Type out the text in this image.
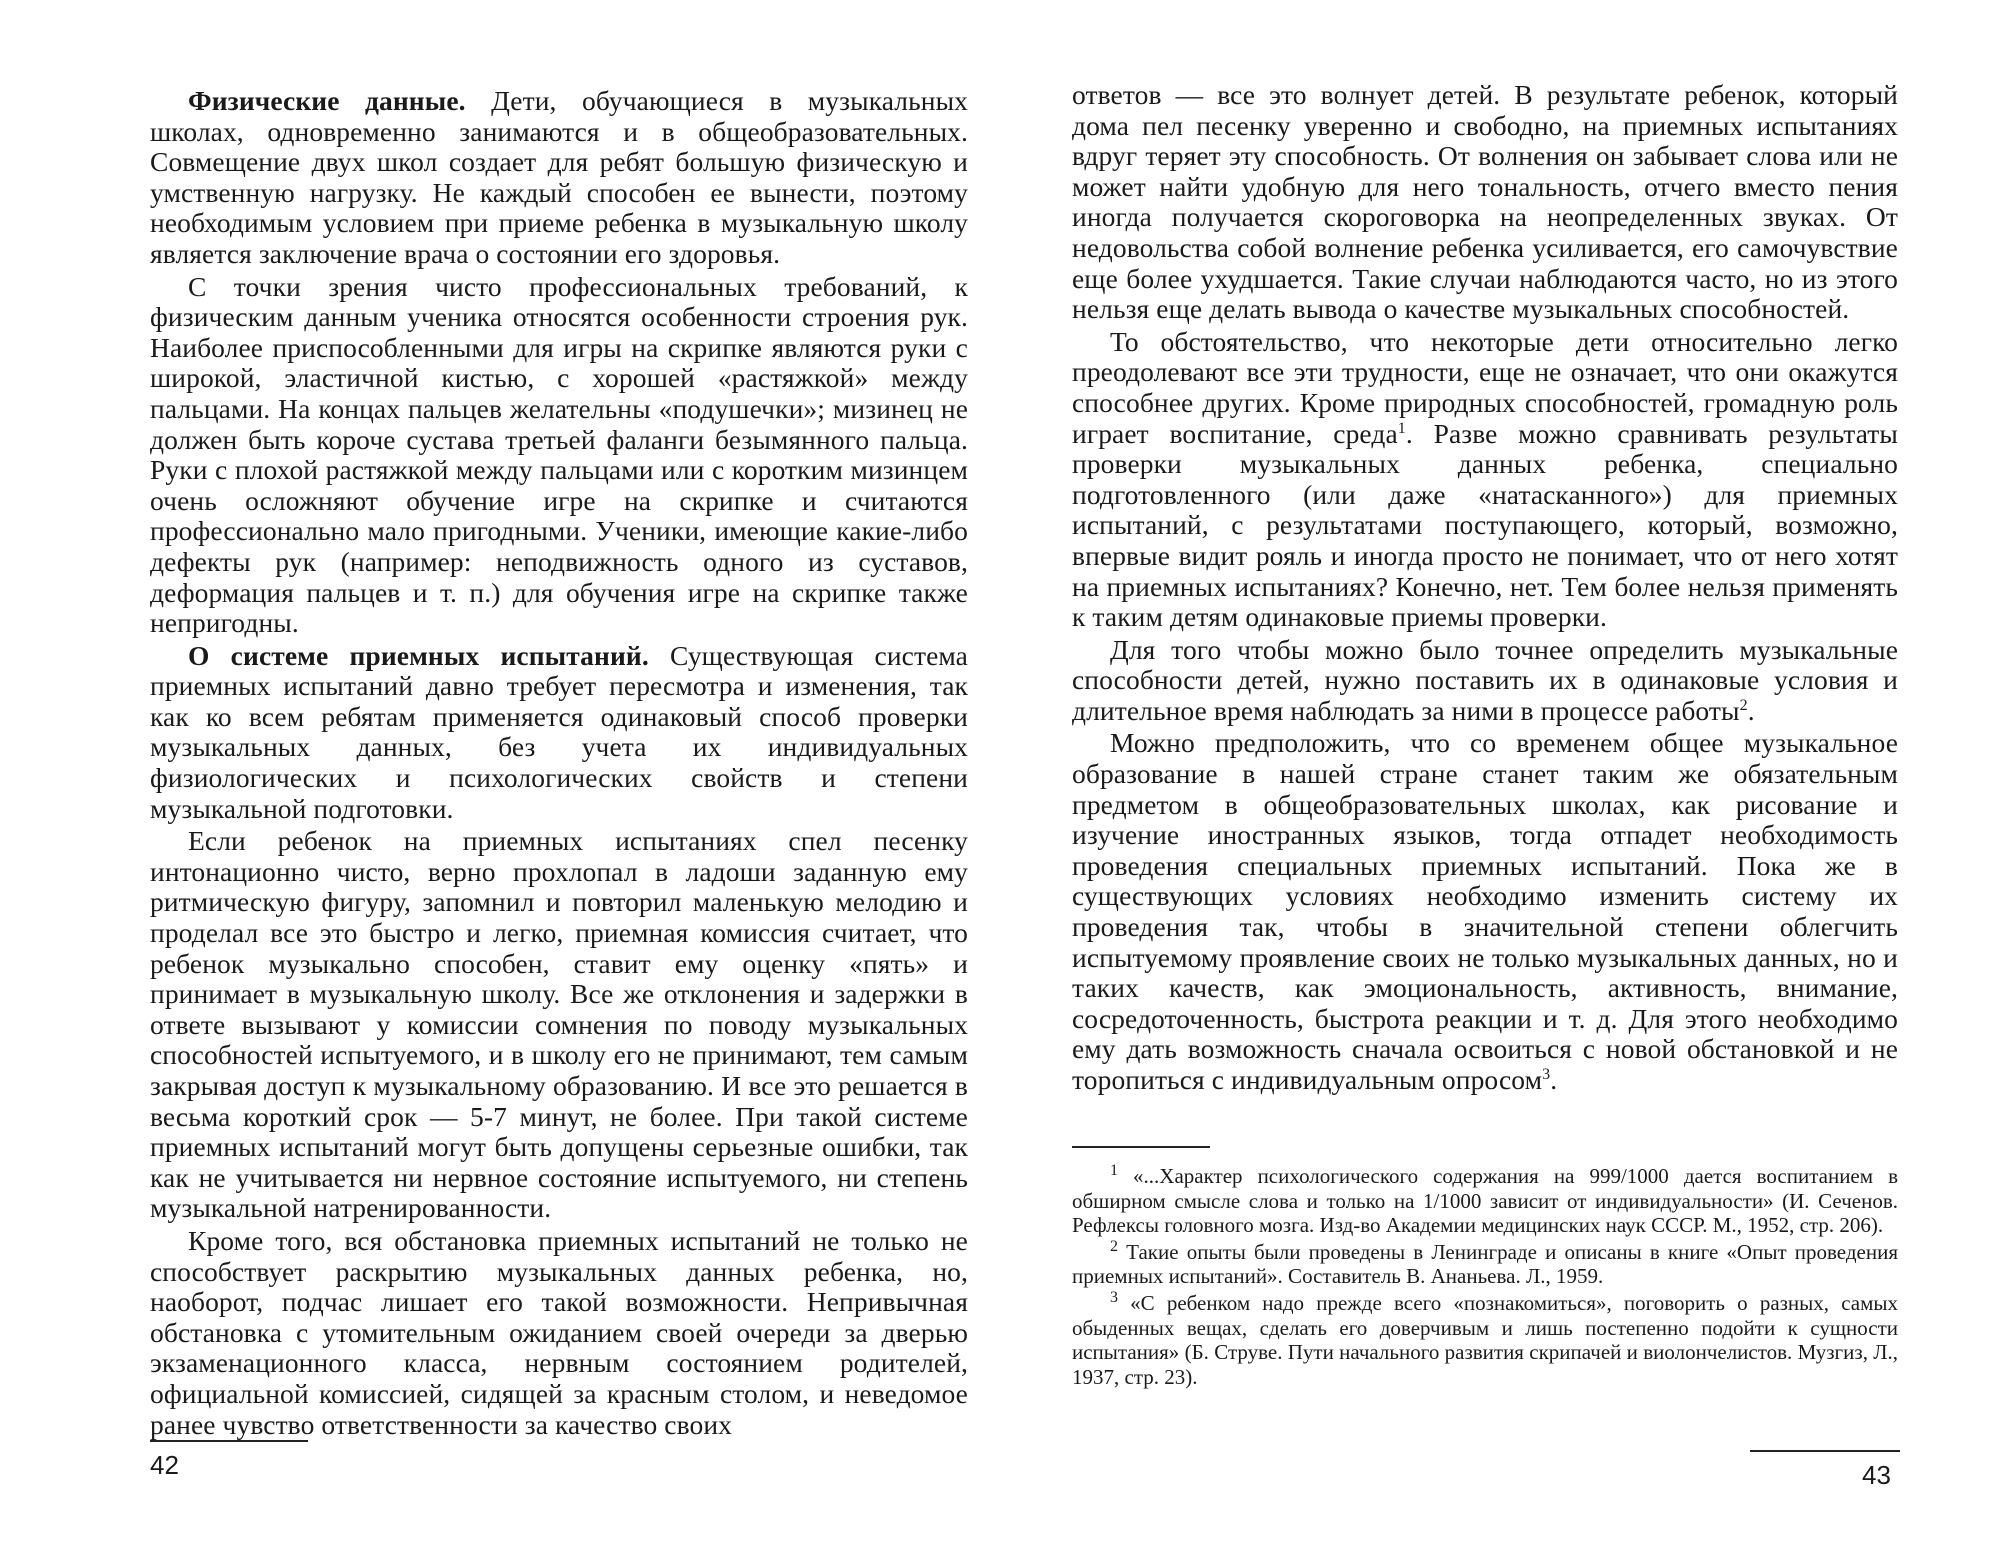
Физические данные. Дети, обучающиеся в музыкальных школах, одновременно занимаются и в общеобразовательных. Совмещение двух школ создает для ребят большую физическую и умственную нагрузку. Не каждый способен ее вынести, поэтому необходимым условием при приеме ребенка в музыкальную школу является заключение врача о состоянии его здоровья.

С точки зрения чисто профессиональных требований, к физическим данным ученика относятся особенности строения рук. Наиболее приспособленными для игры на скрипке являются руки с широкой, эластичной кистью, с хорошей «растяжкой» между пальцами. На концах пальцев желательны «подушечки»; мизинец не должен быть короче сустава третьей фаланги безымянного пальца. Руки с плохой растяжкой между пальцами или с коротким мизинцем очень осложняют обучение игре на скрипке и считаются профессионально мало пригодными. Ученики, имеющие какие-либо дефекты рук (например: неподвижность одного из суставов, деформация пальцев и т. п.) для обучения игре на скрипке также непригодны.

О системе приемных испытаний. Существующая система приемных испытаний давно требует пересмотра и изменения, так как ко всем ребятам применяется одинаковый способ проверки музыкальных данных, без учета их индивидуальных физиологических и психологических свойств и степени музыкальной подготовки.

Если ребенок на приемных испытаниях спел песенку интонационно чисто, верно прохлопал в ладоши заданную ему ритмическую фигуру, запомнил и повторил маленькую мелодию и проделал все это быстро и легко, приемная комиссия считает, что ребенок музыкально способен, ставит ему оценку «пять» и принимает в музыкальную школу. Все же отклонения и задержки в ответе вызывают у комиссии сомнения по поводу музыкальных способностей испытуемого, и в школу его не принимают, тем самым закрывая доступ к музыкальному образованию. И все это решается в весьма короткий срок — 5-7 минут, не более. При такой системе приемных испытаний могут быть допущены серьезные ошибки, так как не учитывается ни нервное состояние испытуемого, ни степень музыкальной натренированности.

Кроме того, вся обстановка приемных испытаний не только не способствует раскрытию музыкальных данных ребенка, но, наоборот, подчас лишает его такой возможности. Непривычная обстановка с утомительным ожиданием своей очереди за дверью экзаменационного класса, нервным состоянием родителей, официальной комиссией, сидящей за красным столом, и неведомое ранее чувство ответственности за качество своих

42

ответов — все это волнует детей. В результате ребенок, который дома пел песенку уверенно и свободно, на приемных испытаниях вдруг теряет эту способность. От волнения он забывает слова или не может найти удобную для него тональность, отчего вместо пения иногда получается скороговорка на неопределенных звуках. От недовольства собой волнение ребенка усиливается, его самочувствие еще более ухудшается. Такие случаи наблюдаются часто, но из этого нельзя еще делать вывода о качестве музыкальных способностей.

То обстоятельство, что некоторые дети относительно легко преодолевают все эти трудности, еще не означает, что они окажутся способнее других. Кроме природных способностей, громадную роль играет воспитание, среда$^1$. Разве можно сравнивать результаты проверки музыкальных данных ребенка, специально подготовленного (или даже «натасканного») для приемных испытаний, с результатами поступающего, который, возможно, впервые видит рояль и иногда просто не понимает, что от него хотят на приемных испытаниях? Конечно, нет. Тем более нельзя применять к таким детям одинаковые приемы проверки.

Для того чтобы можно было точнее определить музыкальные способности детей, нужно поставить их в одинаковые условия и длительное время наблюдать за ними в процессе работы$^2$.

Можно предположить, что со временем общее музыкальное образование в нашей стране станет таким же обязательным предметом в общеобразовательных школах, как рисование и изучение иностранных языков, тогда отпадет необходимость проведения специальных приемных испытаний. Пока же в существующих условиях необходимо изменить систему их проведения так, чтобы в значительной степени облегчить испытуемому проявление своих не только музыкальных данных, но и таких качеств, как эмоциональность, активность, внимание, сосредоточенность, быстрота реакции и т. д. Для этого необходимо ему дать возможность сначала освоиться с новой обстановкой и не торопиться с индивидуальным опросом$^3$.

$^1$ «...Характер психологического содержания на 999/1000 дается воспитанием в обширном смысле слова и только на 1/1000 зависит от индивидуальности» (И. Сеченов. Рефлексы головного мозга. Изд-во Академии медицинских наук СССР. М., 1952, стр. 206).

$^2$ Такие опыты были проведены в Ленинграде и описаны в книге «Опыт проведения приемных испытаний». Составитель В. Ананьева. Л., 1959.

$^3$ «С ребенком надо прежде всего «познакомиться», поговорить о разных, самых обыденных вещах, сделать его доверчивым и лишь постепенно подойти к сущности испытания» (Б. Струве. Пути начального развития скрипачей и виолончелистов. Музгиз, Л., 1937, стр. 23).

43
